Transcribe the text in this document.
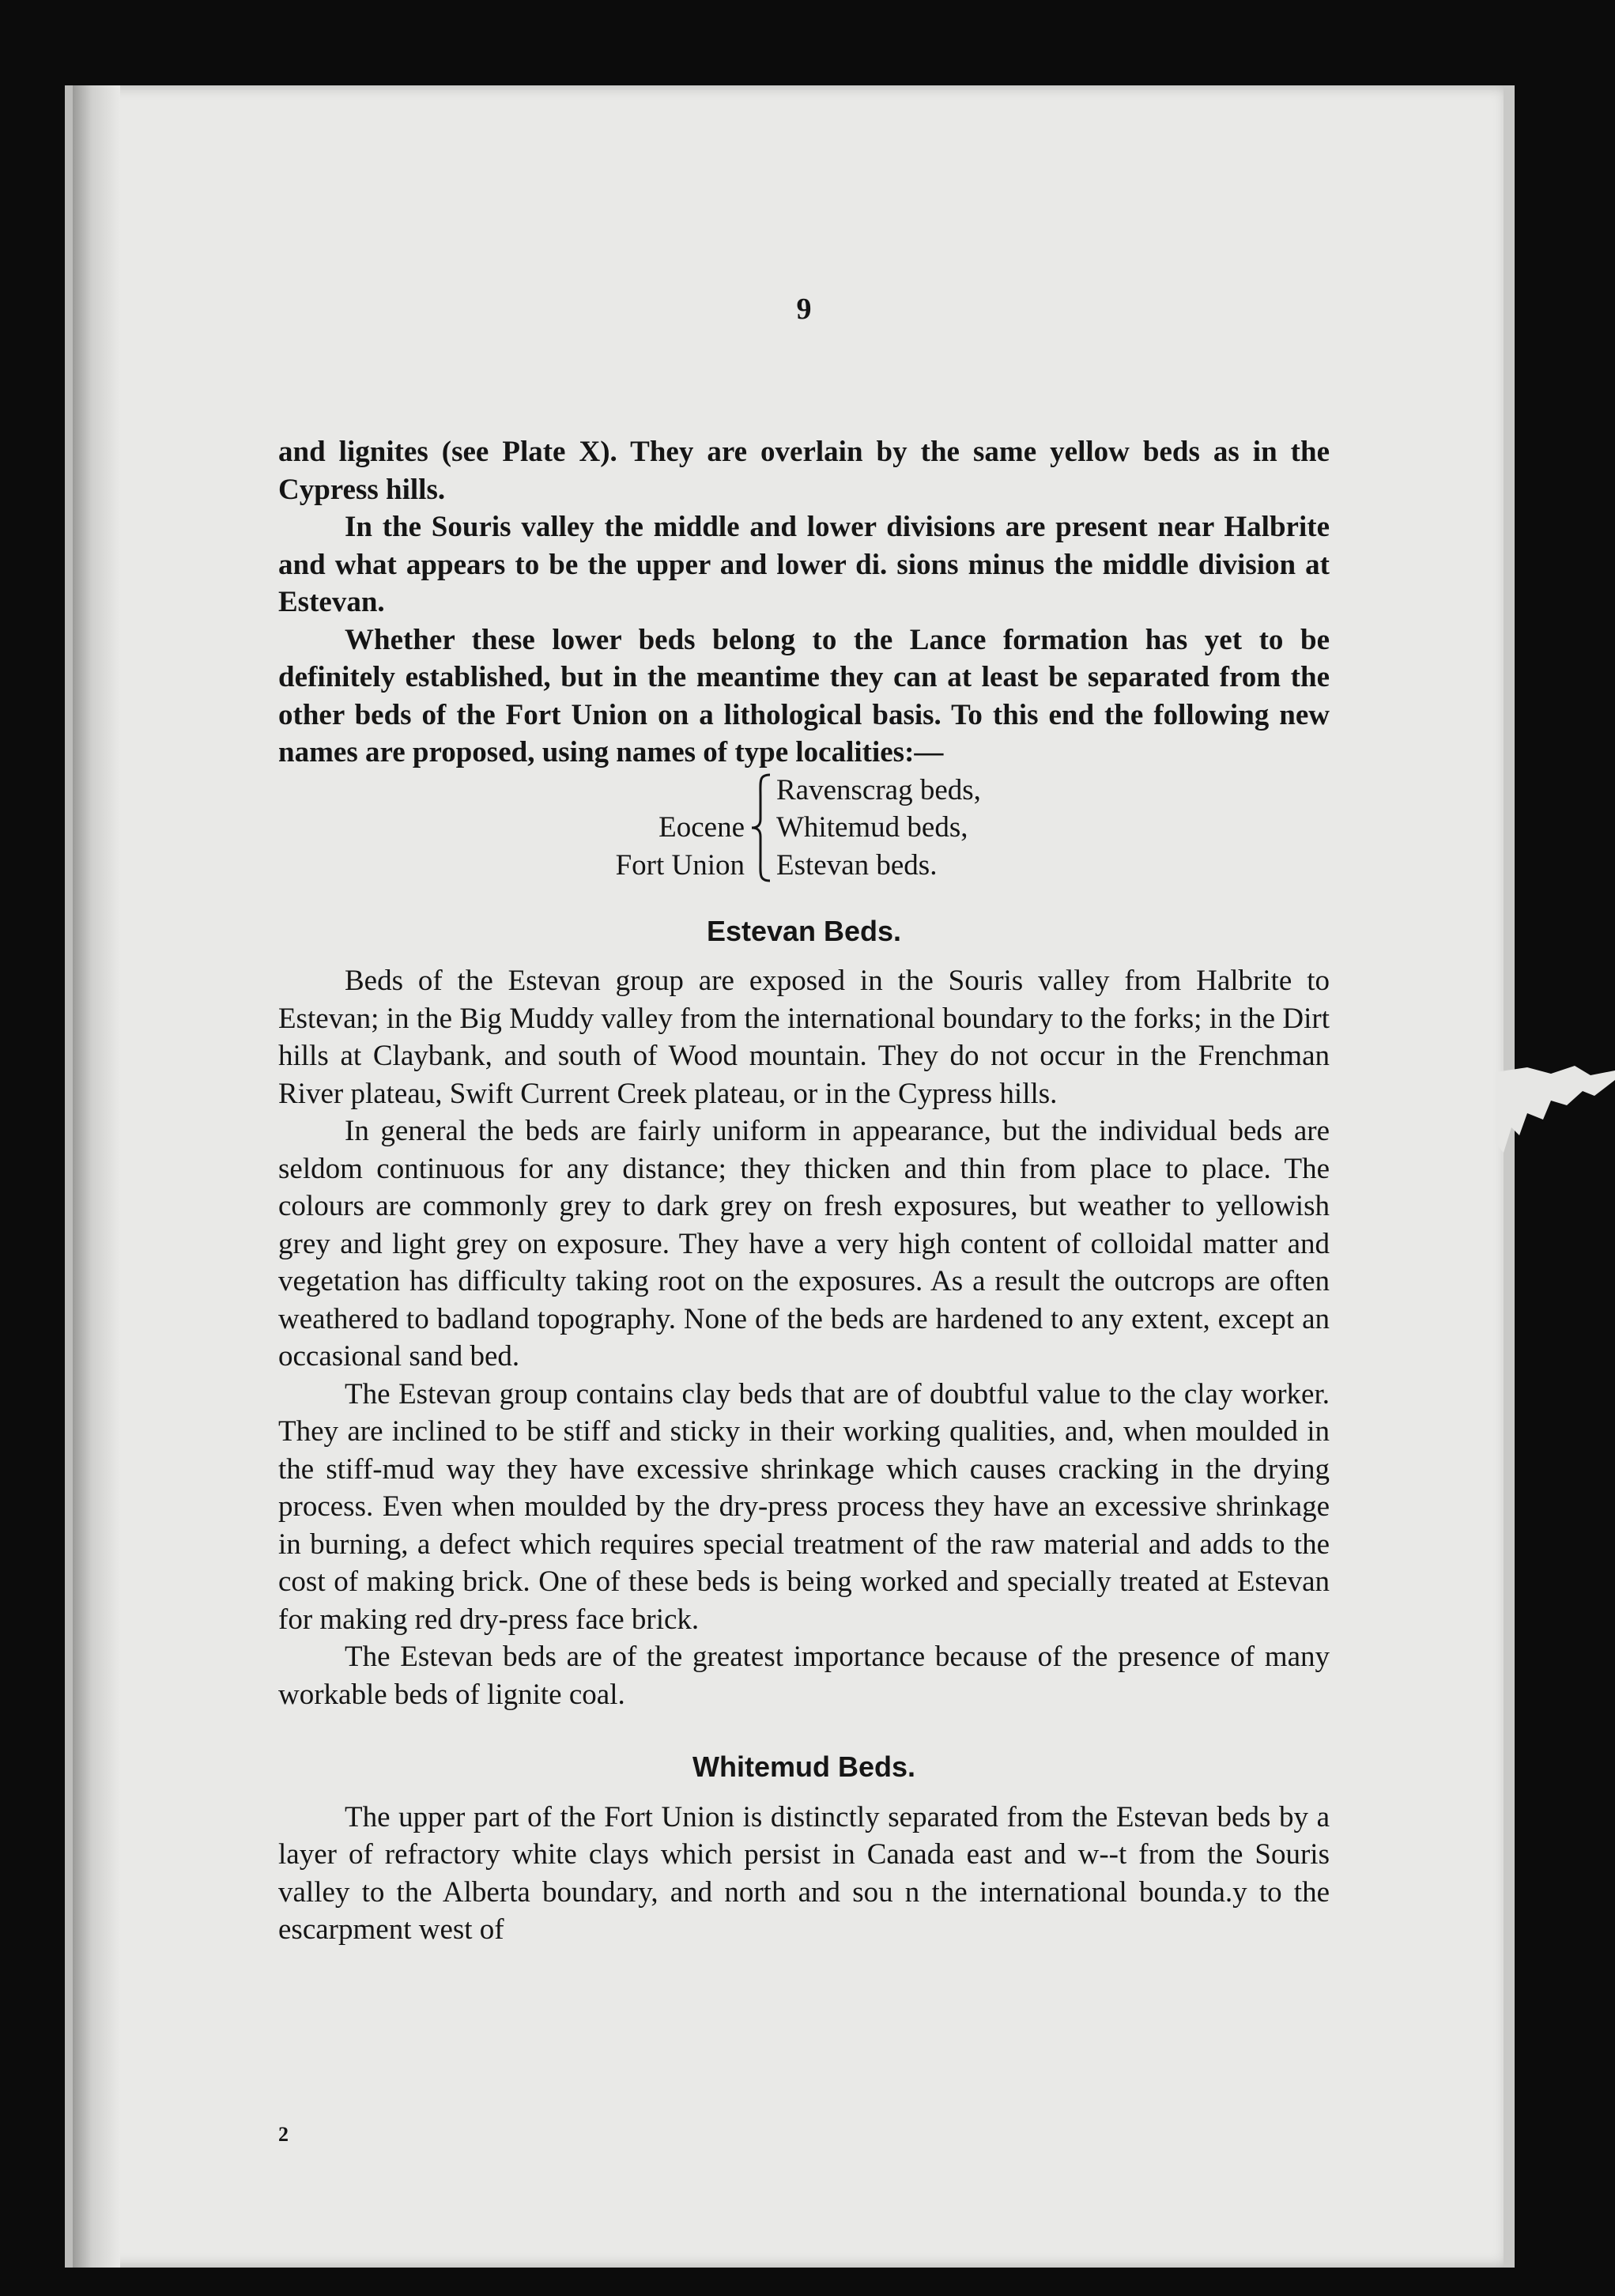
9

and lignites (see Plate X). They are overlain by the same yellow beds as in the Cypress hills.

In the Souris valley the middle and lower divisions are present near Halbrite and what appears to be the upper and lower di. sions minus the middle division at Estevan.

Whether these lower beds belong to the Lance formation has yet to be definitely established, but in the meantime they can at least be separated from the other beds of the Fort Union on a lithological basis. To this end the following new names are proposed, using names of type localities:—

Eocene
Fort Union
Ravenscrag beds,
Whitemud beds,
Estevan beds.
Estevan Beds.

Beds of the Estevan group are exposed in the Souris valley from Halbrite to Estevan; in the Big Muddy valley from the international boundary to the forks; in the Dirt hills at Claybank, and south of Wood mountain. They do not occur in the Frenchman River plateau, Swift Current Creek plateau, or in the Cypress hills.

In general the beds are fairly uniform in appearance, but the individual beds are seldom continuous for any distance; they thicken and thin from place to place. The colours are commonly grey to dark grey on fresh exposures, but weather to yellowish grey and light grey on exposure. They have a very high content of colloidal matter and vegetation has difficulty taking root on the exposures. As a result the outcrops are often weathered to badland topography. None of the beds are hardened to any extent, except an occasional sand bed.

The Estevan group contains clay beds that are of doubtful value to the clay worker. They are inclined to be stiff and sticky in their working qualities, and, when moulded in the stiff-mud way they have excessive shrinkage which causes cracking in the drying process. Even when moulded by the dry-press process they have an excessive shrinkage in burning, a defect which requires special treatment of the raw material and adds to the cost of making brick. One of these beds is being worked and specially treated at Estevan for making red dry-press face brick.

The Estevan beds are of the greatest importance because of the presence of many workable beds of lignite coal.

Whitemud Beds.

The upper part of the Fort Union is distinctly separated from the Estevan beds by a layer of refractory white clays which persist in Canada east and w--t from the Souris valley to the Alberta boundary, and north and sou n the international bounda.y to the escarpment west of

2
